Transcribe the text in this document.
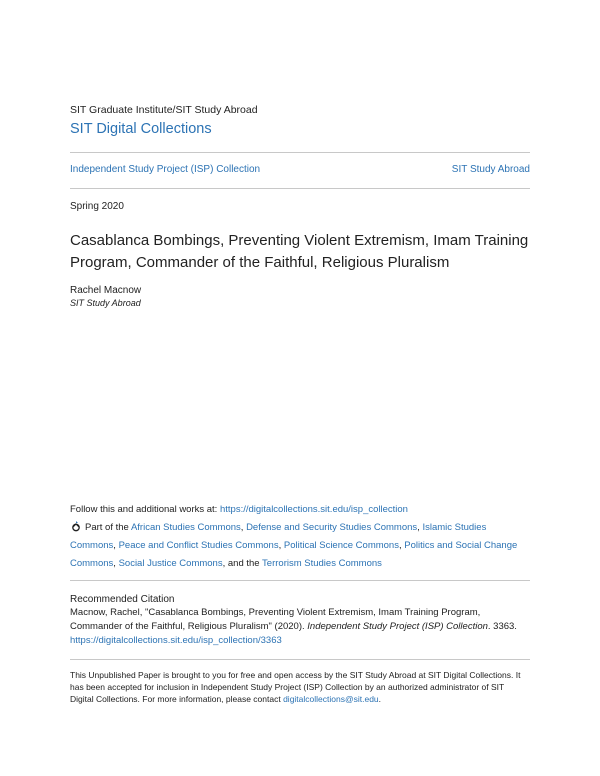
SIT Graduate Institute/SIT Study Abroad
SIT Digital Collections
Independent Study Project (ISP) Collection	SIT Study Abroad
Spring 2020
Casablanca Bombings, Preventing Violent Extremism, Imam Training Program, Commander of the Faithful, Religious Pluralism
Rachel Macnow
SIT Study Abroad
Follow this and additional works at: https://digitalcollections.sit.edu/isp_collection
Part of the African Studies Commons, Defense and Security Studies Commons, Islamic Studies Commons, Peace and Conflict Studies Commons, Political Science Commons, Politics and Social Change Commons, Social Justice Commons, and the Terrorism Studies Commons
Recommended Citation
Macnow, Rachel, "Casablanca Bombings, Preventing Violent Extremism, Imam Training Program, Commander of the Faithful, Religious Pluralism" (2020). Independent Study Project (ISP) Collection. 3363.
https://digitalcollections.sit.edu/isp_collection/3363
This Unpublished Paper is brought to you for free and open access by the SIT Study Abroad at SIT Digital Collections. It has been accepted for inclusion in Independent Study Project (ISP) Collection by an authorized administrator of SIT Digital Collections. For more information, please contact digitalcollections@sit.edu.
